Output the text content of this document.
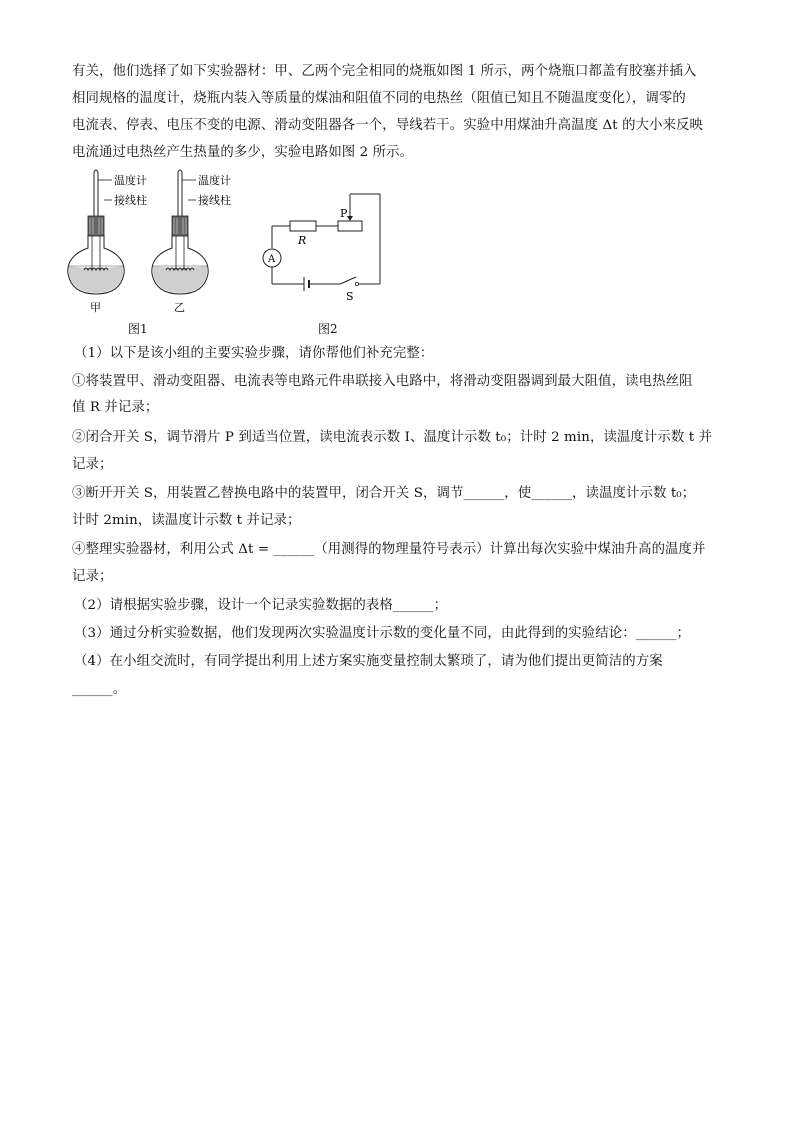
有关，他们选择了如下实验器材：甲、乙两个完全相同的烧瓶如图 1 所示，两个烧瓶口都盖有胶塞并插入
相同规格的温度计，烧瓶内装入等质量的煤油和阻值不同的电热丝（阻值已知且不随温度变化），调零的
电流表、停表、电压不变的电源、滑动变阻器各一个，导线若干。实验中用煤油升高温度 Δt 的大小来反映
电流通过电热丝产生热量的多少，实验电路如图 2 所示。
温度计
接线柱
甲
温度计
接线柱
乙
P
R
A
S
图1	图2
（1）以下是该小组的主要实验步骤，请你帮他们补充完整：
①将装置甲、滑动变阻器、电流表等电路元件串联接入电路中，将滑动变阻器调到最大阻值，读电热丝阻
值 R 并记录；
②闭合开关 S，调节滑片 P 到适当位置，读电流表示数 I、温度计示数 t₀；计时 2 min，读温度计示数 t 并
记录；
③断开开关 S，用装置乙替换电路中的装置甲，闭合开关 S，调节______，使______，读温度计示数 t₀；
计时 2min，读温度计示数 t 并记录；
④整理实验器材，利用公式 Δt = ______（用测得的物理量符号表示）计算出每次实验中煤油升高的温度并
记录；
（2）请根据实验步骤，设计一个记录实验数据的表格______；
（3）通过分析实验数据，他们发现两次实验温度计示数的变化量不同，由此得到的实验结论：______；
（4）在小组交流时，有同学提出利用上述方案实施变量控制太繁琐了，请为他们提出更简洁的方案
______。
